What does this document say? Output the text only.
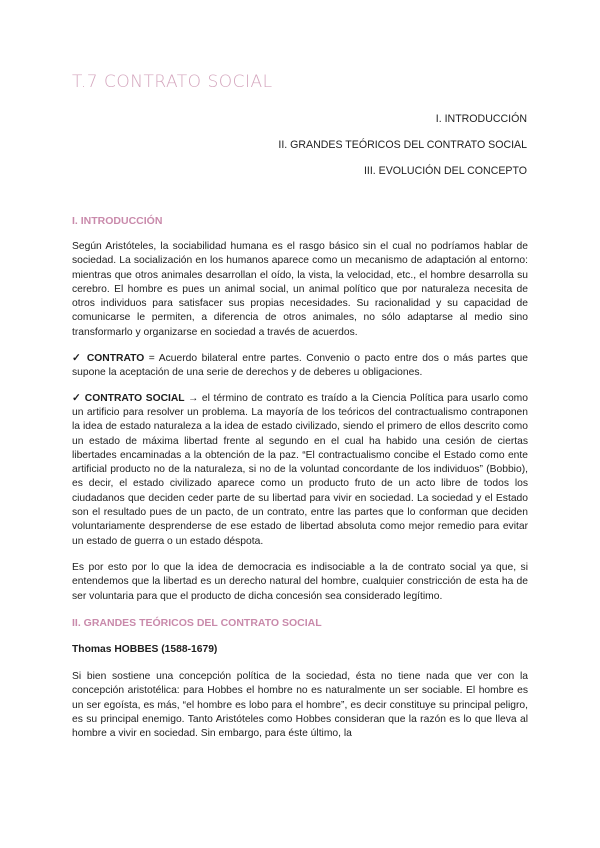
T.7 CONTRATO SOCIAL
I. INTRODUCCIÓN
II. GRANDES TEÓRICOS DEL CONTRATO SOCIAL
III. EVOLUCIÓN DEL CONCEPTO
I. INTRODUCCIÓN

Según Aristóteles, la sociabilidad humana es el rasgo básico sin el cual no podríamos hablar de sociedad. La socialización en los humanos aparece como un mecanismo de adaptación al entorno: mientras que otros animales desarrollan el oído, la vista, la velocidad, etc., el hombre desarrolla su cerebro. El hombre es pues un animal social, un animal político que por naturaleza necesita de otros individuos para satisfacer sus propias necesidades. Su racionalidad y su capacidad de comunicarse le permiten, a diferencia de otros animales, no sólo adaptarse al medio sino transformarlo y organizarse en sociedad a través de acuerdos.

✓ CONTRATO = Acuerdo bilateral entre partes. Convenio o pacto entre dos o más partes que supone la aceptación de una serie de derechos y de deberes u obligaciones.

✓ CONTRATO SOCIAL → el término de contrato es traído a la Ciencia Política para usarlo como un artificio para resolver un problema. La mayoría de los teóricos del contractualismo contraponen la idea de estado naturaleza a la idea de estado civilizado, siendo el primero de ellos descrito como un estado de máxima libertad frente al segundo en el cual ha habido una cesión de ciertas libertades encaminadas a la obtención de la paz. “El contractualismo concibe el Estado como ente artificial producto no de la naturaleza, si no de la voluntad concordante de los individuos” (Bobbio), es decir, el estado civilizado aparece como un producto fruto de un acto libre de todos los ciudadanos que deciden ceder parte de su libertad para vivir en sociedad. La sociedad y el Estado son el resultado pues de un pacto, de un contrato, entre las partes que lo conforman que deciden voluntariamente desprenderse de ese estado de libertad absoluta como mejor remedio para evitar un estado de guerra o un estado déspota.

Es por esto por lo que la idea de democracia es indisociable a la de contrato social ya que, si entendemos que la libertad es un derecho natural del hombre, cualquier constricción de esta ha de ser voluntaria para que el producto de dicha concesión sea considerado legítimo.

II. GRANDES TEÓRICOS DEL CONTRATO SOCIAL
Thomas HOBBES (1588-1679)

Si bien sostiene una concepción política de la sociedad, ésta no tiene nada que ver con la concepción aristotélica: para Hobbes el hombre no es naturalmente un ser sociable. El hombre es un ser egoísta, es más, “el hombre es lobo para el hombre”, es decir constituye su principal peligro, es su principal enemigo. Tanto Aristóteles como Hobbes consideran que la razón es lo que lleva al hombre a vivir en sociedad. Sin embargo, para éste último, la
